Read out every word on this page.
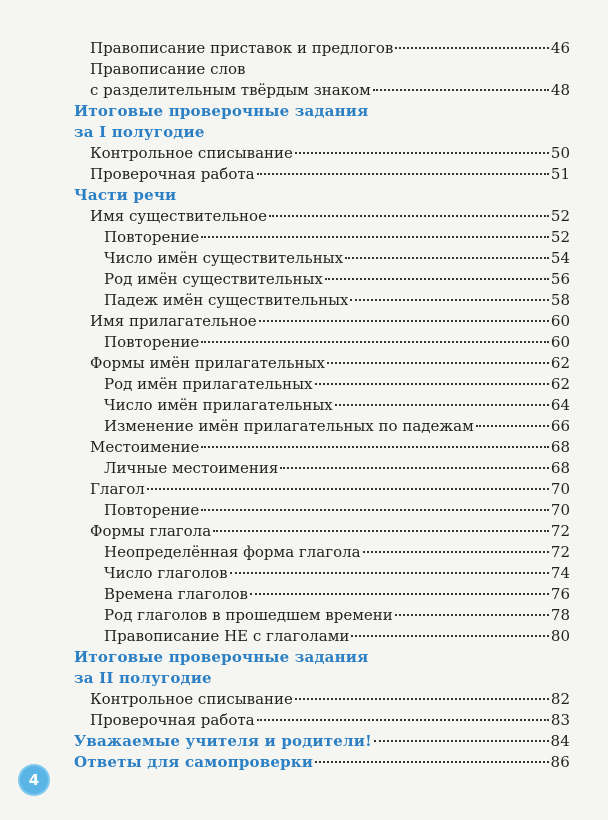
Правописание приставок и предлогов	46
Правописание слов
с разделительным твёрдым знаком	48
Итоговые проверочные задания
за I полугодие
Контрольное списывание	50
Проверочная работа	51
Части речи
Имя существительное	52
Повторение	52
Число имён существительных	54
Род имён существительных	56
Падеж имён существительных	58
Имя прилагательное	60
Повторение	60
Формы имён прилагательных	62
Род имён прилагательных	62
Число имён прилагательных	64
Изменение имён прилагательных по падежам	66
Местоимение	68
Личные местоимения	68
Глагол	70
Повторение	70
Формы глагола	72
Неопределённая форма глагола	72
Число глаголов	74
Времена глаголов	76
Род глаголов в прошедшем времени	78
Правописание НЕ с глаголами	80
Итоговые проверочные задания
за II полугодие
Контрольное списывание	82
Проверочная работа	83
Уважаемые учителя и родители!	84
Ответы для самопроверки	86
4
